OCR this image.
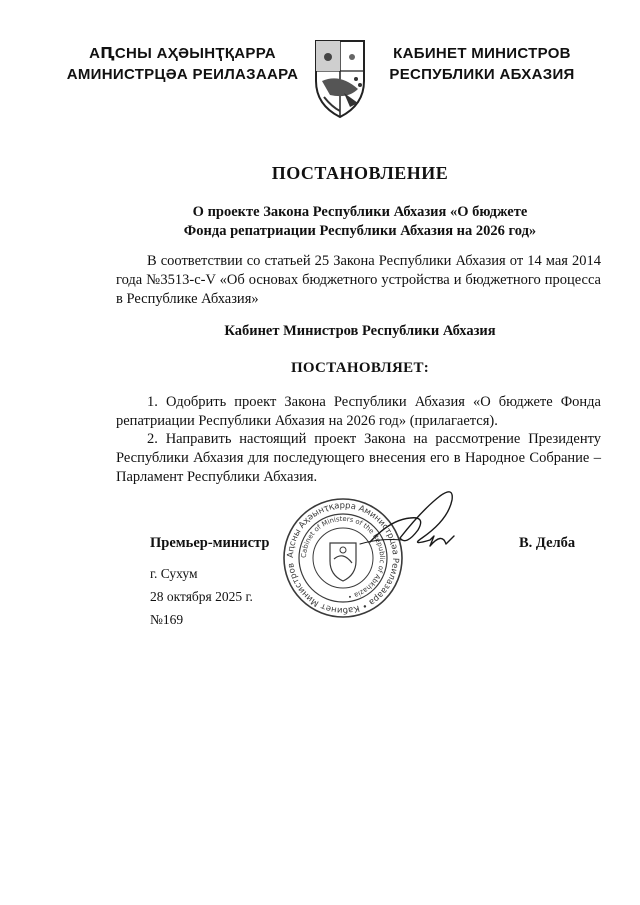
АԤСНЫ АҲӘЫНҬҚАРРА
АМИНИСТРЦӘА РЕИЛАЗААРА
КАБИНЕТ МИНИСТРОВ
РЕСПУБЛИКИ АБХАЗИЯ
ПОСТАНОВЛЕНИЕ
О проекте Закона Республики Абхазия «О бюджете
Фонда репатриации Республики Абхазия на 2026 год»
В соответствии со статьей 25 Закона Республики Абхазия от 14 мая 2014 года №3513-с-V «Об основах бюджетного устройства и бюджетного процесса в Республике Абхазия»
Кабинет Министров Республики Абхазия
ПОСТАНОВЛЯЕТ:
1. Одобрить проект Закона Республики Абхазия «О бюджете Фонда репатриации Республики Абхазия на 2026 год» (прилагается).
2. Направить настоящий проект Закона на рассмотрение Президенту Республики Абхазия для последующего внесения его в Народное Собрание – Парламент Республики Абхазия.
Аԥсны Аҳәынҭқарра Аминистрцәа Реилазаара • Кабинет Министров
Cabinet of Ministers of the Republic of Abkhazia •
Премьер-министр	В. Делба
г. Сухум
28 октября 2025 г.
№169
